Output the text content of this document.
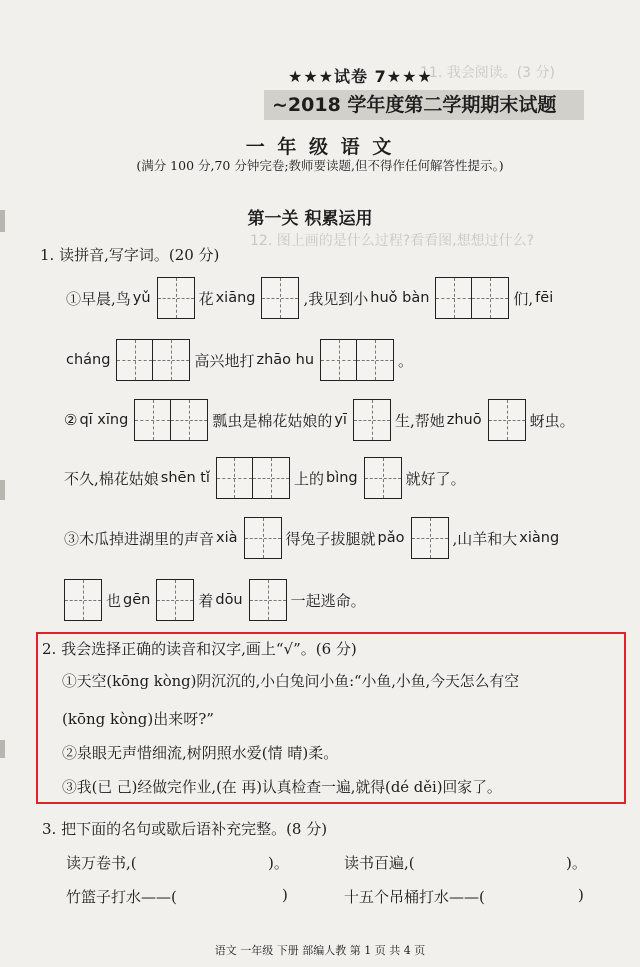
11. 我会阅读。(3 分)
12. 图上画的是什么过程?看看图,想想过什么?
★★★试卷 7★★★
~2018 学年度第二学期期末试题
一 年 级 语 文
(满分 100 分,70 分钟完卷;教师要读题,但不得作任何解答性提示。)
第一关 积累运用
1. 读拼音,写字词。(20 分)
①早晨,鸟 yǔ	花 xiāng	,我见到小 huǒ bàn	们, fēi
cháng	高兴地打 zhāo hu	。
② qī xīng	瓢虫是棉花姑娘的 yī	生,帮她 zhuō	蚜虫。
不久,棉花姑娘 shēn tǐ	上的 bìng	就好了。
③木瓜掉进湖里的声音 xià	得兔子拔腿就 pǎo	,山羊和大 xiàng
也 gēn	着 dōu	一起逃命。
2. 我会选择正确的读音和汉字,画上“√”。(6 分)
①天空(kōng kòng)阴沉沉的,小白兔问小鱼:“小鱼,小鱼,今天怎么有空
(kōng kòng)出来呀?”
②泉眼无声惜细流,树阴照水爱(情 晴)柔。
③我(已 己)经做完作业,(在 再)认真检查一遍,就得(dé děi)回家了。
3. 把下面的名句或歇后语补充完整。(8 分)
读万卷书,(	)。	读书百遍,(	)。
竹篮子打水——(	)	十五个吊桶打水——(	)
语文 一年级 下册 部编人教 第 1 页 共 4 页
